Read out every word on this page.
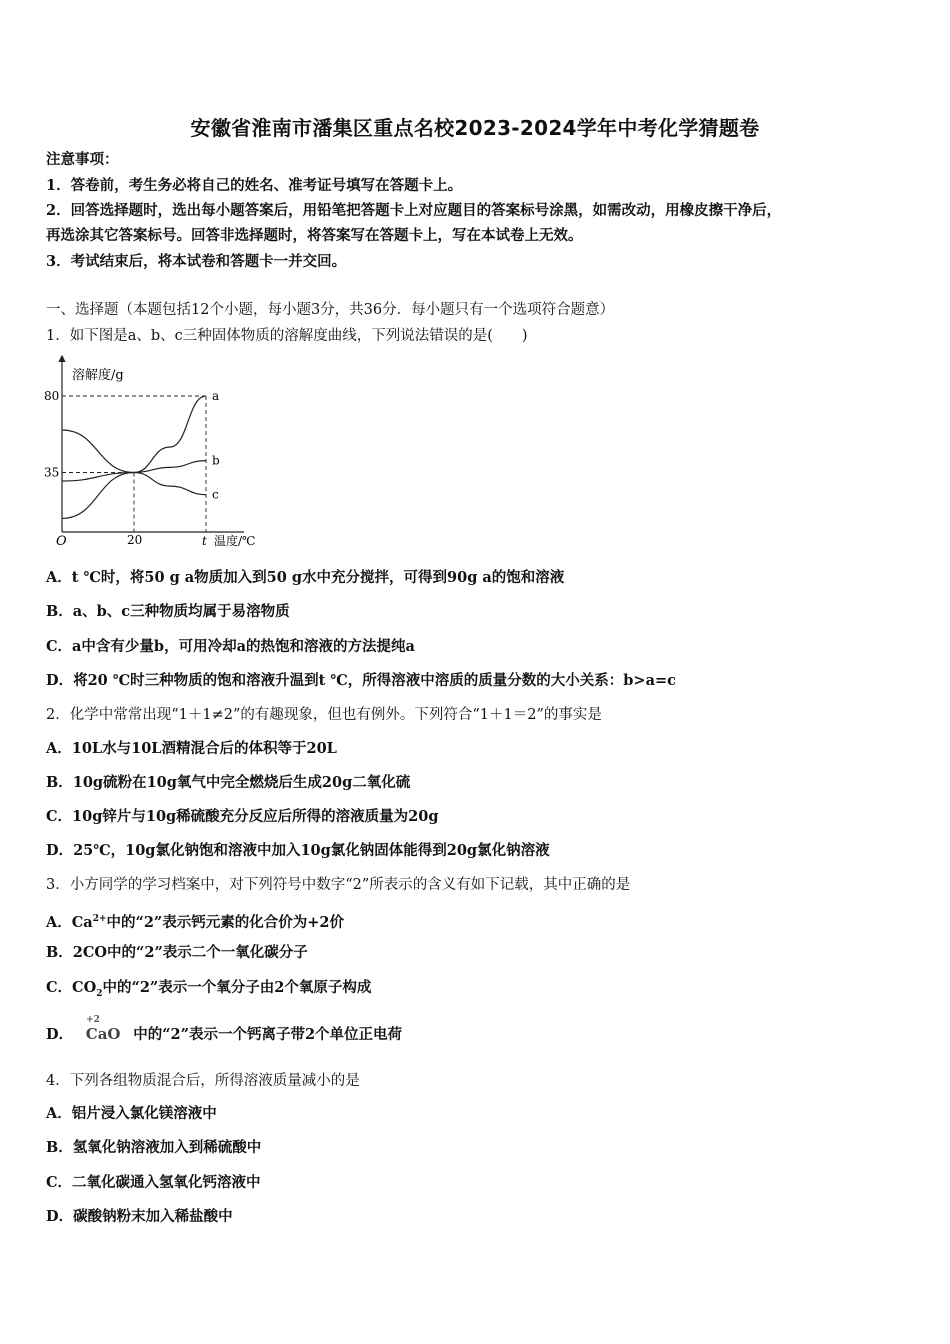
安徽省淮南市潘集区重点名校2023-2024学年中考化学猜题卷
注意事项：
1．答卷前，考生务必将自己的姓名、准考证号填写在答题卡上。
2．回答选择题时，选出每小题答案后，用铅笔把答题卡上对应题目的答案标号涂黑，如需改动，用橡皮擦干净后，
再选涂其它答案标号。回答非选择题时，将答案写在答题卡上，写在本试卷上无效。
3．考试结束后，将本试卷和答题卡一并交回。
一、选择题（本题包括12个小题，每小题3分，共36分．每小题只有一个选项符合题意）
1．如下图是a、b、c三种固体物质的溶解度曲线，下列说法错误的是(　　)
a
b
c
80
35
20	t 温度/℃
溶解度/g
O
A．t ℃时，将50 g a物质加入到50 g水中充分搅拌，可得到90g a的饱和溶液
B．a、b、c三种物质均属于易溶物质
C．a中含有少量b，可用冷却a的热饱和溶液的方法提纯a
D．将20 ℃时三种物质的饱和溶液升温到t ℃，所得溶液中溶质的质量分数的大小关系：b>a=c
2．化学中常常出现“1＋1≠2”的有趣现象，但也有例外。下列符合“1＋1＝2”的事实是
A．10L水与10L酒精混合后的体积等于20L
B．10g硫粉在10g氧气中完全燃烧后生成20g二氧化硫
C．10g锌片与10g稀硫酸充分反应后所得的溶液质量为20g
D．25℃，10g氯化钠饱和溶液中加入10g氯化钠固体能得到20g氯化钠溶液
3．小方同学的学习档案中，对下列符号中数字“2”所表示的含义有如下记载，其中正确的是
A．$Ca^{2+}$中的“2”表示钙元素的化合价为+2价
B．2CO中的“2”表示二个一氧化碳分子
C．$CO_2$中的“2”表示一个氧分子由2个氧原子构成
D．
+2
CaO 中的“2”表示一个钙离子带2个单位正电荷
4．下列各组物质混合后，所得溶液质量减小的是
A．铝片浸入氯化镁溶液中
B．氢氧化钠溶液加入到稀硫酸中
C．二氧化碳通入氢氧化钙溶液中
D．碳酸钠粉末加入稀盐酸中
